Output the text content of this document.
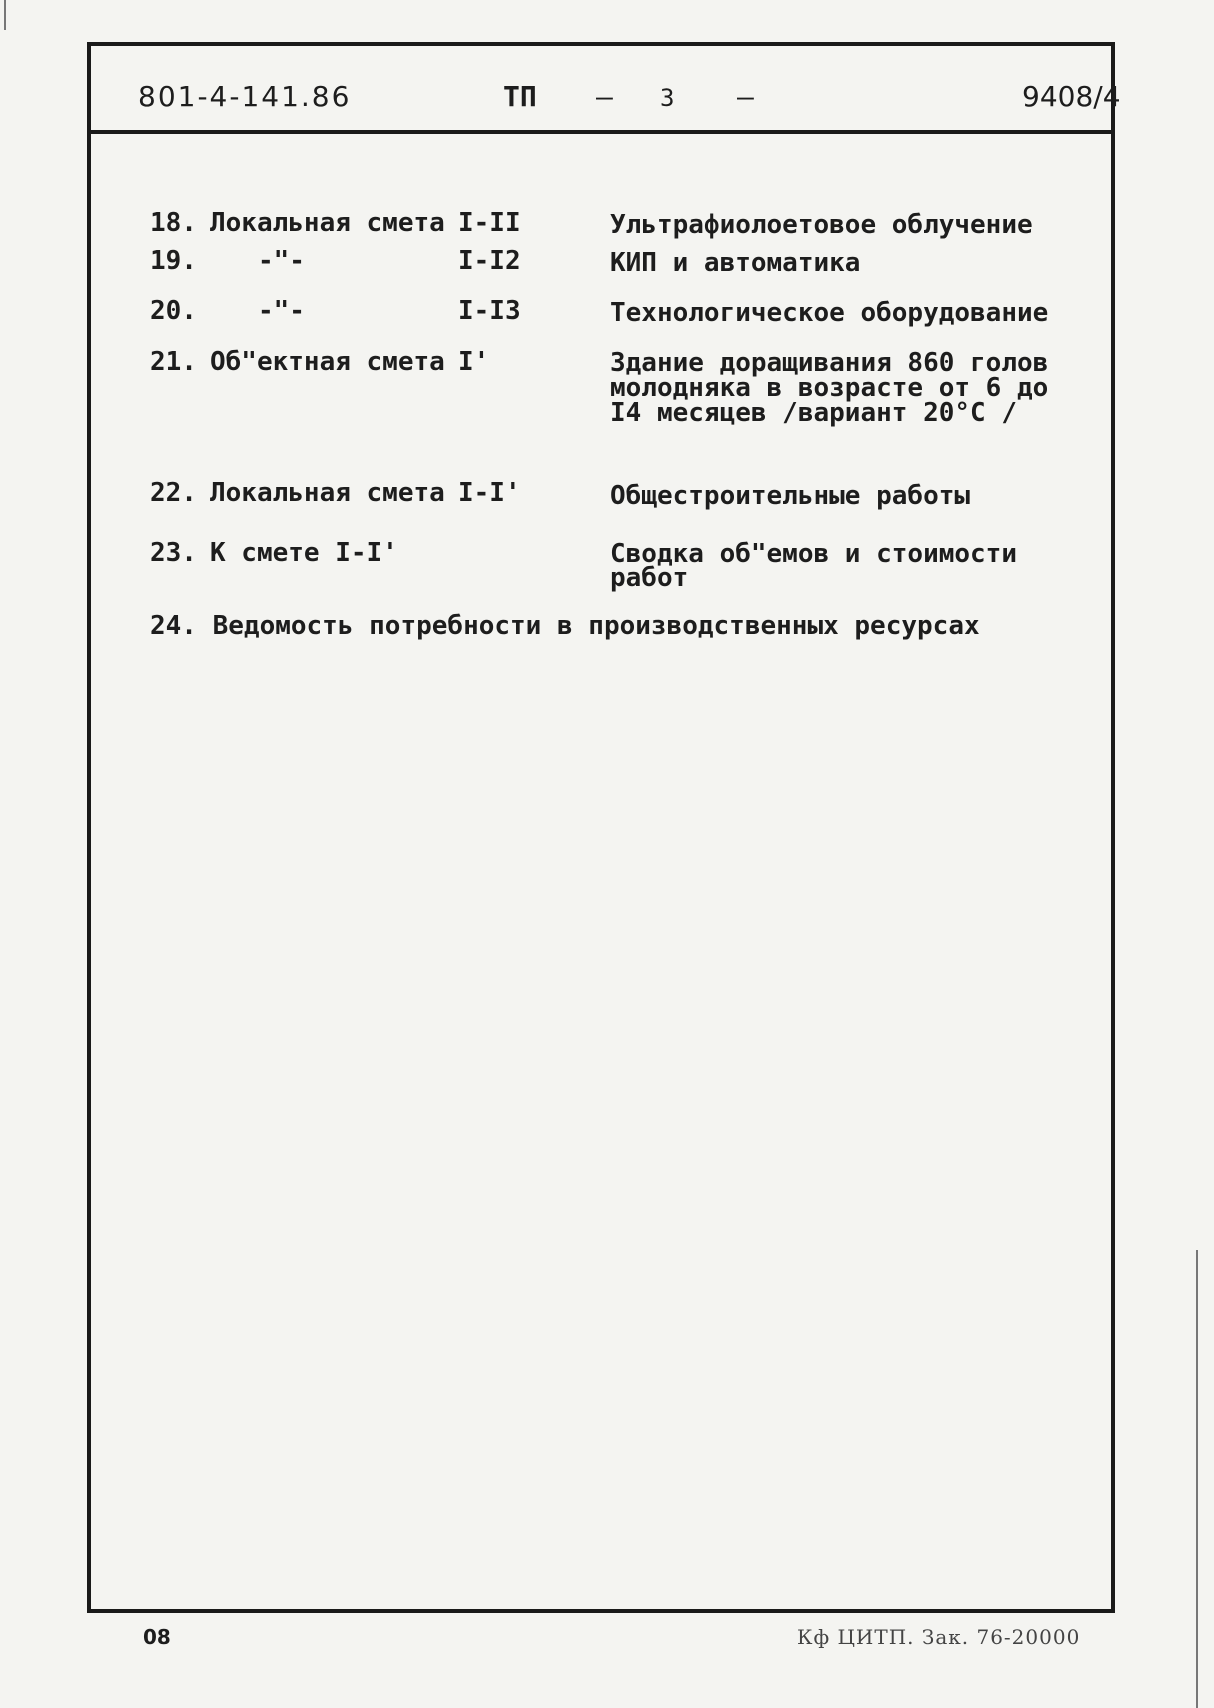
801-4-141.86	ТП – 3 –	9408/4
18. Локальная смета I-II	Ультрафиолоетовое облучение
19. -"-	I-I2	КИП и автоматика
20. -"-	I-I3	Технологическое оборудование
21. Об"ектная смета I'	Здание доращивания 860 голов молодняка в возрасте от 6 до I4 месяцев /вариант 20°С /
22. Локальная смета I-I'	Общестроительные работы
23. К смете I-I'	Сводка об"емов и стоимости работ
24. Ведомость потребности в производственных ресурсах
08	Кф ЦИТП. Зак. 76-20000
